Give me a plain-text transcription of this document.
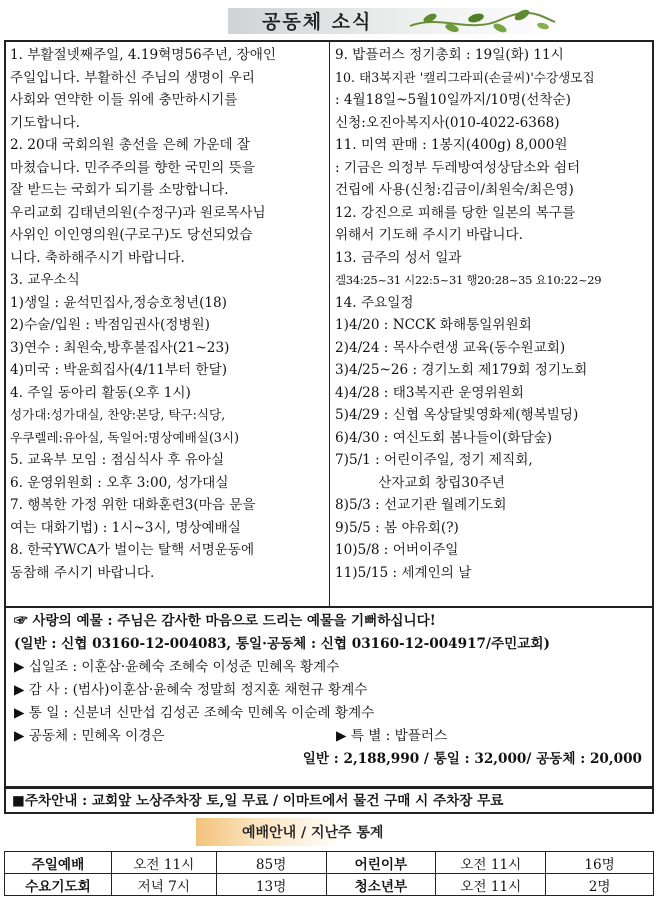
공동체 소식
1. 부활절넷째주일, 4.19혁명56주년, 장애인
주일입니다. 부활하신 주님의 생명이 우리
사회와 연약한 이들 위에 충만하시기를
기도합니다.
2. 20대 국회의원 총선을 은혜 가운데 잘
마쳤습니다. 민주주의를 향한 국민의 뜻을
잘 받드는 국회가 되기를 소망합니다.
우리교회 김태년의원(수정구)과 원로목사님
사위인 이인영의원(구로구)도 당선되었습
니다. 축하해주시기 바랍니다.
3. 교우소식
1)생일 : 윤석민집사,정승호청년(18)
2)수술/입원 : 박점임권사(정병원)
3)연수 : 최원숙,방후불집사(21~23)
4)미국 : 박윤희집사(4/11부터 한달)
4. 주일 동아리 활동(오후 1시)
성가대:성가대실, 찬양:본당, 탁구:식당,
우쿠렐레:유아실, 독일어:명상예배실(3시)
5. 교육부 모임 : 점심식사 후 유아실
6. 운영위원회 : 오후 3:00, 성가대실
7. 행복한 가정 위한 대화훈련3(마음 문을
여는 대화기법) : 1시~3시, 명상예배실
8. 한국YWCA가 벌이는 탈핵 서명운동에
동참해 주시기 바랍니다.
9. 밥플러스 정기총회 : 19일(화) 11시
10. 태3복지관 '캘리그라피(손글씨)'수강생모집
: 4월18일~5월10일까지/10명(선착순)
신청:오진아복지사(010-4022-6368)
11. 미역 판매 : 1봉지(400g) 8,000원
: 기금은 의정부 두레방여성상담소와 쉼터
건립에 사용(신청:김금이/최원숙/최은영)
12. 강진으로 피해를 당한 일본의 복구를
위해서 기도해 주시기 바랍니다.
13. 금주의 성서 일과
겔34:25~31 시22:5~31 행20:28~35 요10:22~29
14. 주요일정
1)4/20 : NCCK 화해통일위원회
2)4/24 : 목사수련생 교육(동수원교회)
3)4/25~26 : 경기노회 제179회 정기노회
4)4/28 : 태3복지관 운영위원회
5)4/29 : 신협 옥상달빛영화제(행복빌딩)
6)4/30 : 여신도회 봄나들이(화담숲)
7)5/1 : 어린이주일, 정기 제직회,
산자교회 창립30주년
8)5/3 : 선교기관 월례기도회
9)5/5 : 봄 야유회(?)
10)5/8 : 어버이주일
11)5/15 : 세계인의 날
☞ 사랑의 예물 : 주님은 감사한 마음으로 드리는 예물을 기뻐하십니다!
(일반 : 신협 03160-12-004083, 통일·공동체 : 신협 03160-12-004917/주민교회)
▶ 십일조 : 이훈삼·윤혜숙 조혜숙 이성준 민혜옥 황계수
▶ 감 사 : (범사)이훈삼·윤혜숙 정말희 정지훈 채현규 황계수
▶ 통 일 : 신분녀 신만섭 김성곤 조혜숙 민혜옥 이순례 황계수
▶ 공동체 : 민혜옥 이경은	▶ 특 별 : 밥플러스
일반 : 2,188,990 / 통일 : 32,000/ 공동체 : 20,000
■주차안내 : 교회앞 노상주차장 토,일 무료 / 이마트에서 물건 구매 시 주차장 무료
예배안내 / 지난주 통계
주일예배	오전 11시	85명	어린이부	오전 11시	16명
수요기도회	저녁 7시	13명	청소년부	오전 11시	2명
